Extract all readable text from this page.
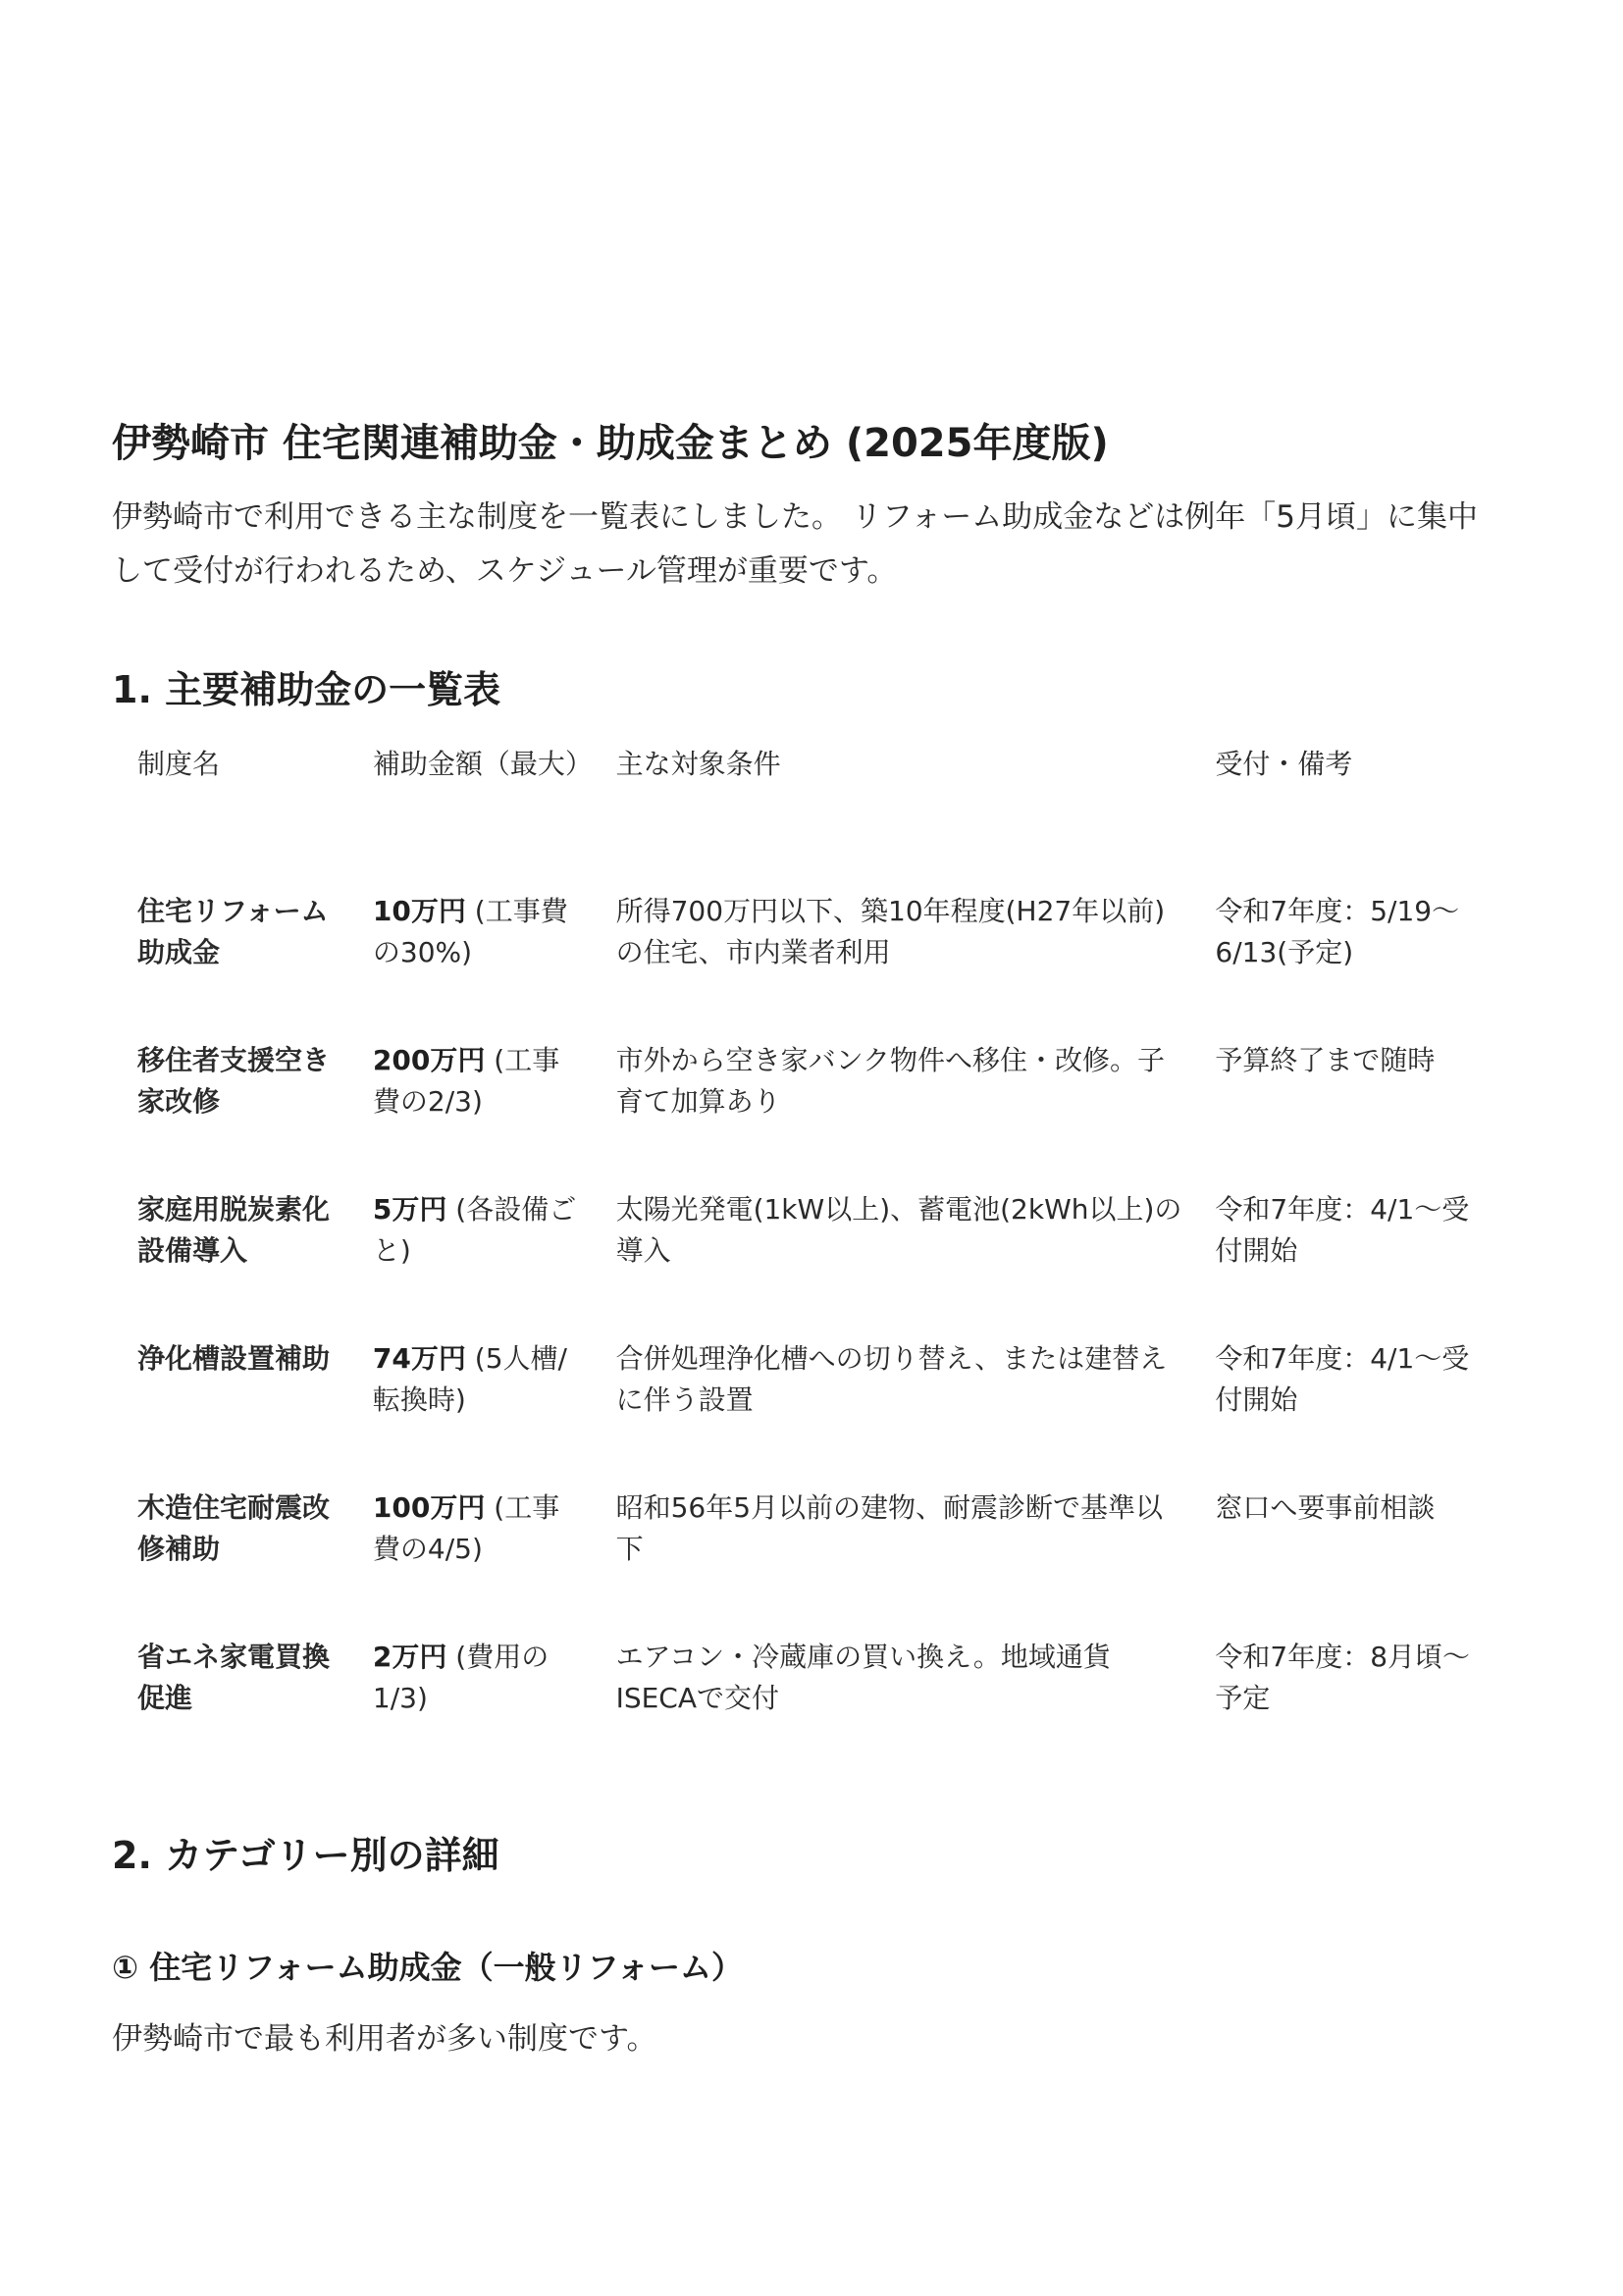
伊勢崎市 住宅関連補助金・助成金まとめ (2025年度版)
伊勢崎市で利用できる主な制度を一覧表にしました。 リフォーム助成金などは例年「5月頃」に集中して受付が行われるため、スケジュール管理が重要です。
1. 主要補助金の一覧表
制度名	補助金額（最大）	主な対象条件	受付・備考
住宅リフォーム助成金	10万円 (工事費の30%)	所得700万円以下、築10年程度(H27年以前)の住宅、市内業者利用	令和7年度：5/19〜6/13(予定)
移住者支援空き家改修	200万円 (工事費の2/3)	市外から空き家バンク物件へ移住・改修。子育て加算あり	予算終了まで随時
家庭用脱炭素化設備導入	5万円 (各設備ごと)	太陽光発電(1kW以上)、蓄電池(2kWh以上)の導入	令和7年度：4/1〜受付開始
浄化槽設置補助	74万円 (5人槽/転換時)	合併処理浄化槽への切り替え、または建替えに伴う設置	令和7年度：4/1〜受付開始
木造住宅耐震改修補助	100万円 (工事費の4/5)	昭和56年5月以前の建物、耐震診断で基準以下	窓口へ要事前相談
省エネ家電買換促進	2万円 (費用の1/3)	エアコン・冷蔵庫の買い換え。地域通貨ISECAで交付	令和7年度：8月頃〜予定
2. カテゴリー別の詳細
① 住宅リフォーム助成金（一般リフォーム）
伊勢崎市で最も利用者が多い制度です。
